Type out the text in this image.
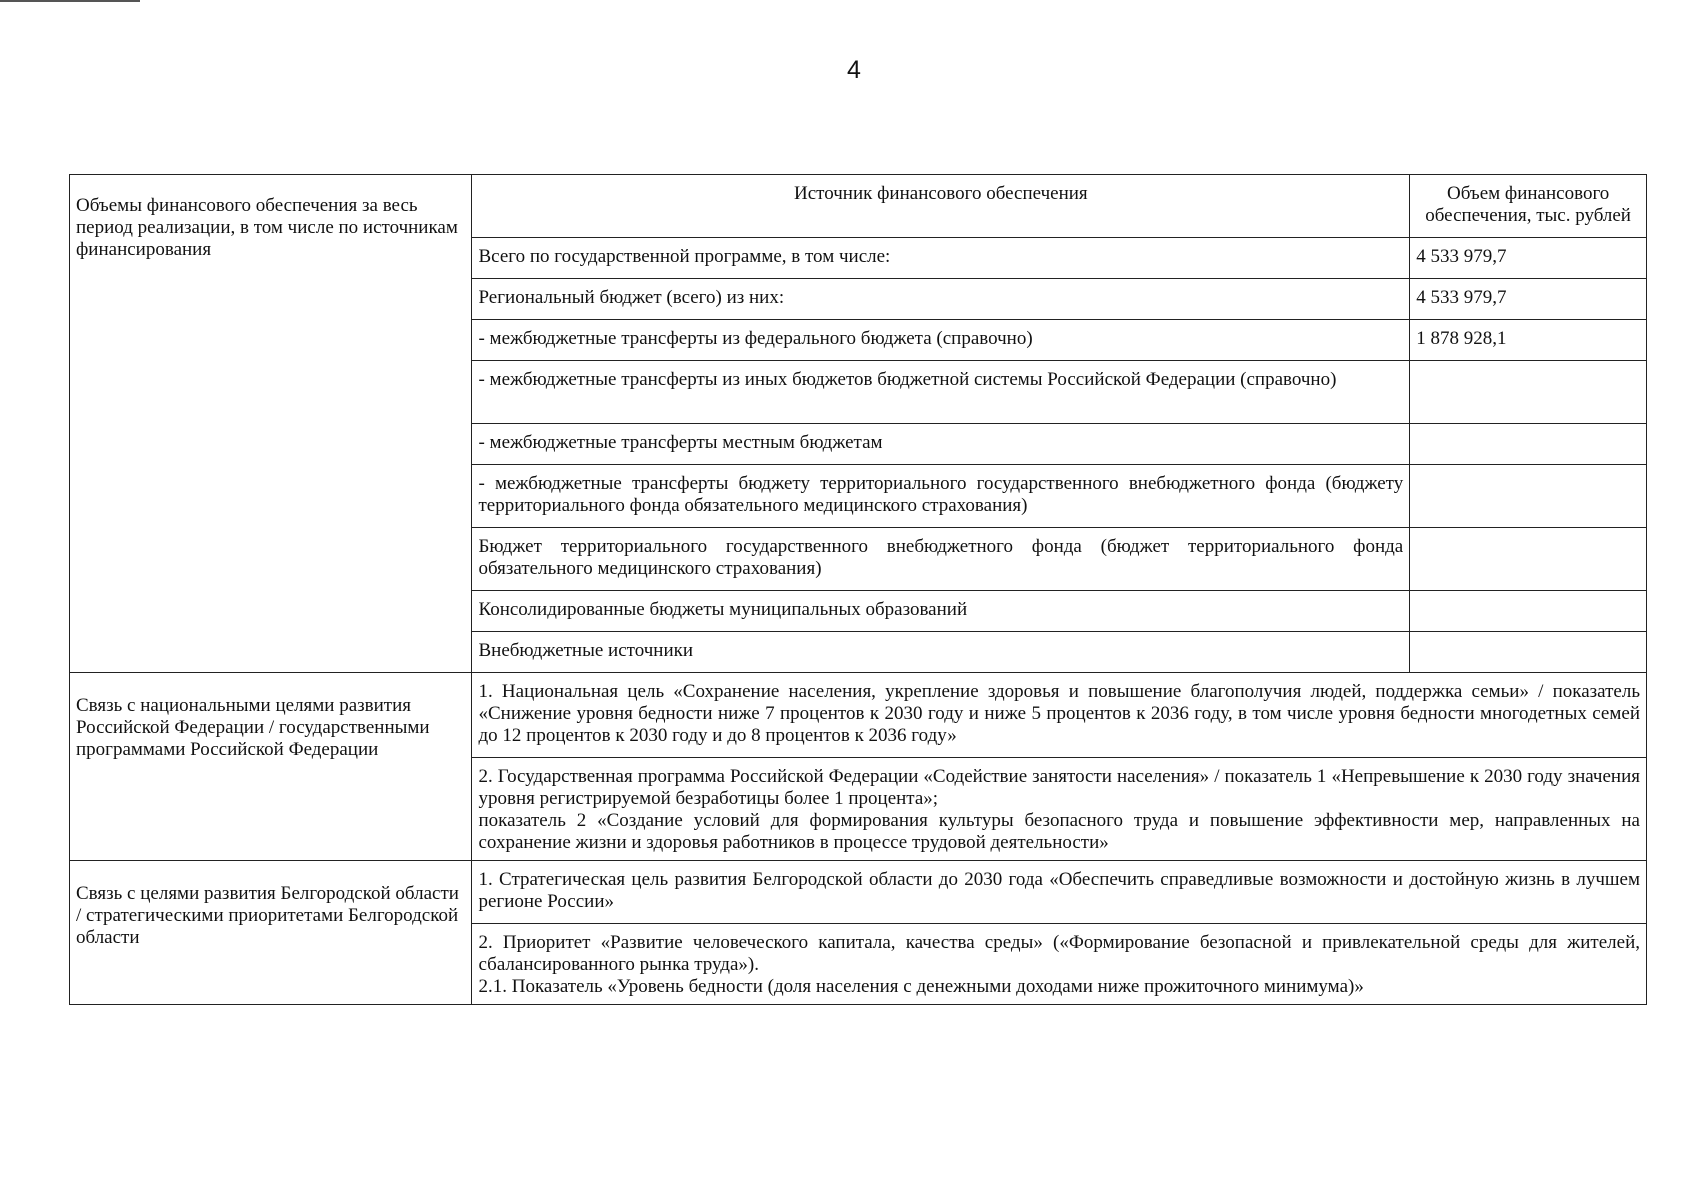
4
Объемы финансового обеспечения за весь период реализации, в том числе по источникам финансирования	Источник финансового обеспечения	Объем финансового обеспечения, тыс. рублей
	Всего по государственной программе, в том числе:	4 533 979,7
	Региональный бюджет (всего) из них:	4 533 979,7
	- межбюджетные трансферты из федерального бюджета (справочно)	1 878 928,1
	- межбюджетные трансферты из иных бюджетов бюджетной системы Российской Федерации (справочно)	
	- межбюджетные трансферты местным бюджетам	
	- межбюджетные трансферты бюджету территориального государственного внебюджетного фонда (бюджету территориального фонда обязательного медицинского страхования)	
	Бюджет территориального государственного внебюджетного фонда (бюджет территориального фонда обязательного медицинского страхования)	
	Консолидированные бюджеты муниципальных образований	
	Внебюджетные источники	
Связь с национальными целями развития Российской Федерации / государственными программами Российской Федерации	1. Национальная цель «Сохранение населения, укрепление здоровья и повышение благополучия людей, поддержка семьи» / показатель «Снижение уровня бедности ниже 7 процентов к 2030 году и ниже 5 процентов к 2036 году, в том числе уровня бедности многодетных семей до 12 процентов к 2030 году и до 8 процентов к 2036 году»	

	2. Государственная программа Российской Федерации «Содействие занятости населения» / показатель 1 «Непревышение к 2030 году значения уровня регистрируемой безработицы более 1 процента»;
показатель 2 «Создание условий для формирования культуры безопасного труда и повышение эффективности мер, направленных на сохранение жизни и здоровья работников в процессе трудовой деятельности»	

Связь с целями развития Белгородской области / стратегическими приоритетами Белгородской области	1. Стратегическая цель развития Белгородской области до 2030 года «Обеспечить справедливые возможности и достойную жизнь в лучшем регионе России»	

	2. Приоритет «Развитие человеческого капитала, качества среды» («Формирование безопасной и привлекательной среды для жителей, сбалансированного рынка труда»).
2.1. Показатель «Уровень бедности (доля населения с денежными доходами ниже прожиточного минимума)»	
